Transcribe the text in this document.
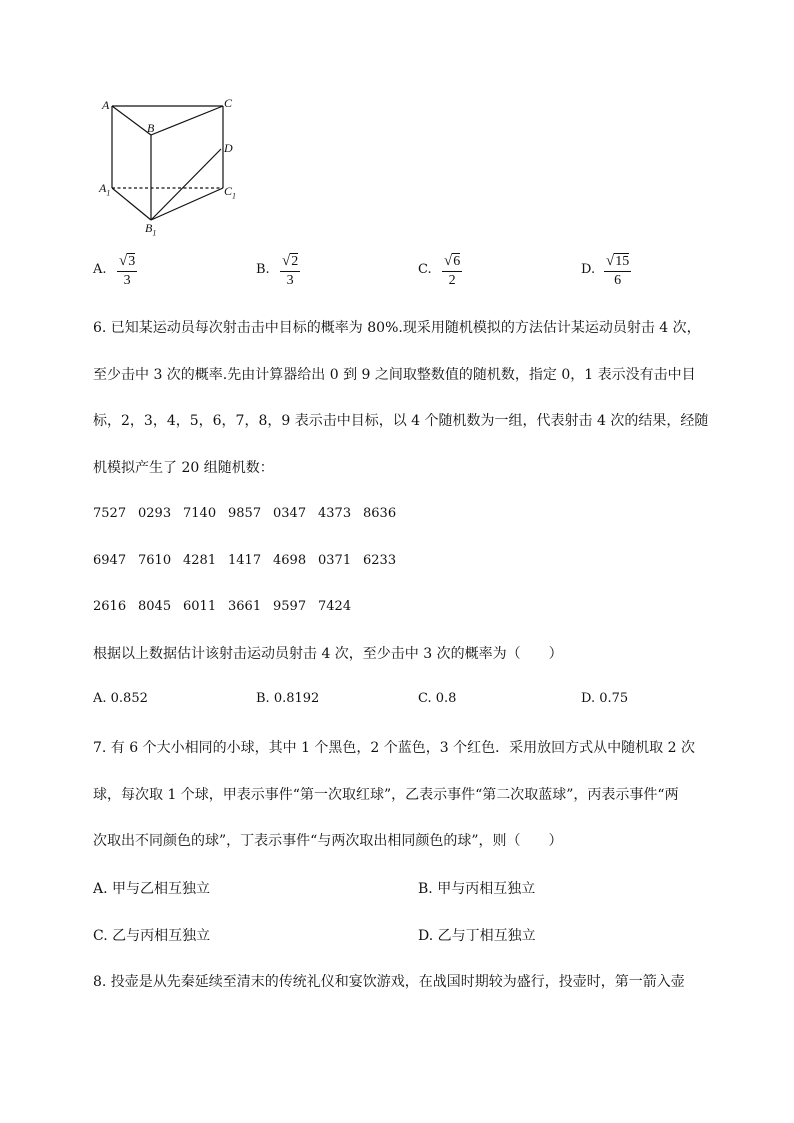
A
B
C
D
$A_1$	$C_1$
$B_1$
A. $\frac{√3}{3}$	B. $\frac{√2}{3}$	C. $\frac{√6}{2}$	D. $\frac{√15}{6}$
6. 已知某运动员每次射击击中目标的概率为 80%.现采用随机模拟的方法估计某运动员射击 4 次，
至少击中 3 次的概率.先由计算器给出 0 到 9 之间取整数值的随机数，指定 0，1 表示没有击中目
标，2，3，4，5，6，7，8，9 表示击中目标，以 4 个随机数为一组，代表射击 4 次的结果，经随
机模拟产生了 20 组随机数：
7527 0293 7140 9857 0347 4373 8636
6947 7610 4281 1417 4698 0371 6233
2616 8045 6011 3661 9597 7424
根据以上数据估计该射击运动员射击 4 次，至少击中 3 次的概率为（　　）
A. 0.852	B. 0.8192	C. 0.8	D. 0.75
7. 有 6 个大小相同的小球，其中 1 个黑色，2 个蓝色，3 个红色．采用放回方式从中随机取 2 次
球，每次取 1 个球，甲表示事件“第一次取红球”，乙表示事件“第二次取蓝球”，丙表示事件“两
次取出不同颜色的球”，丁表示事件“与两次取出相同颜色的球”，则（　　）
A. 甲与乙相互独立	B. 甲与丙相互独立
C. 乙与丙相互独立	D. 乙与丁相互独立
8. 投壶是从先秦延续至清末的传统礼仪和宴饮游戏，在战国时期较为盛行，投壶时，第一箭入壶
